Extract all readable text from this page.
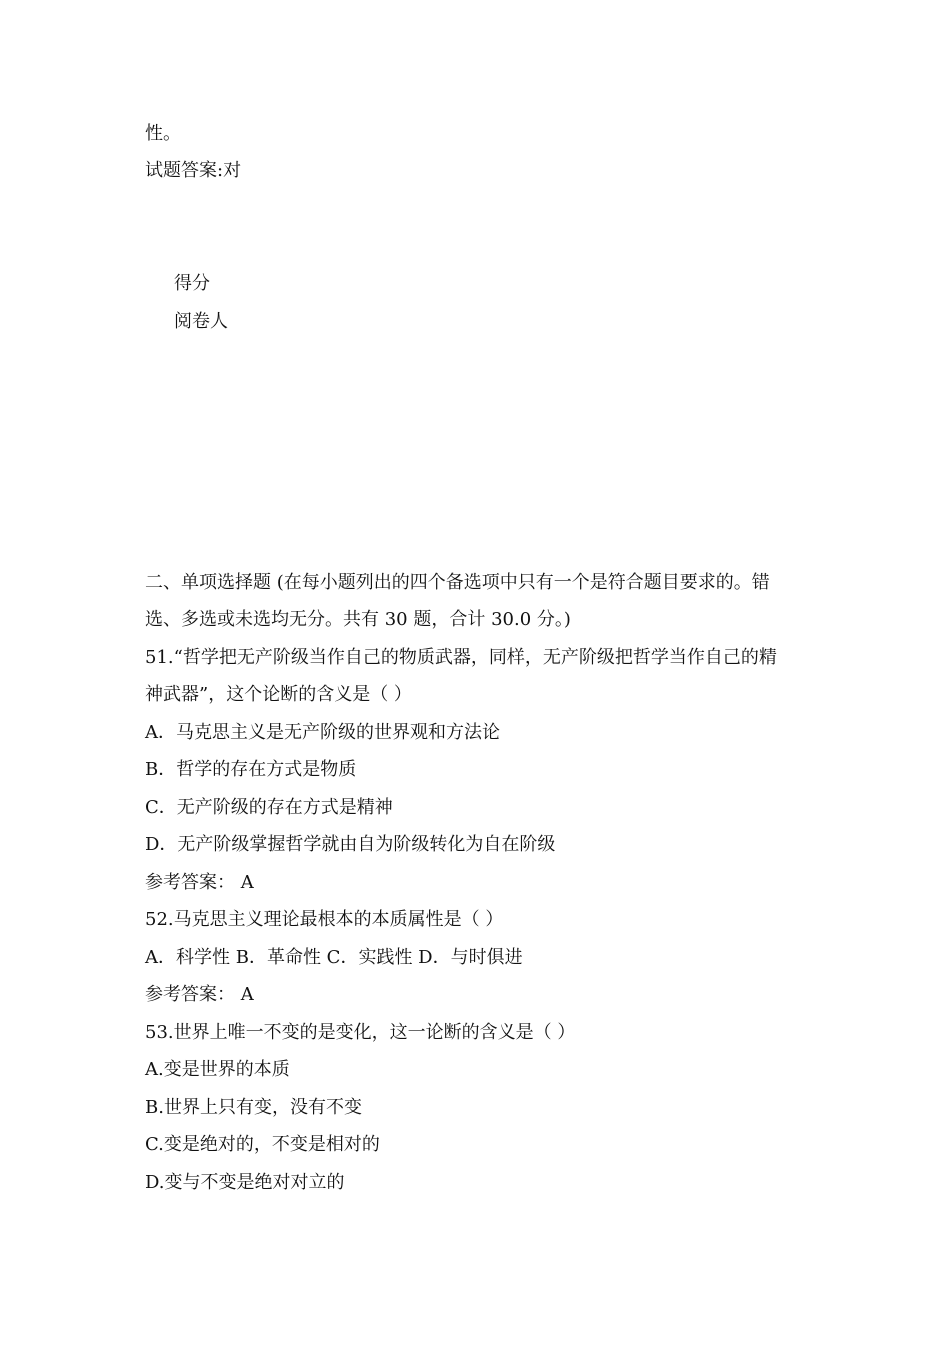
性。
试题答案:对
得分
阅卷人
二、单项选择题 (在每小题列出的四个备选项中只有一个是符合题目要求的。错
选、多选或未选均无分。共有 30 题，合计 30.0 分。)
51.“哲学把无产阶级当作自己的物质武器，同样，无产阶级把哲学当作自己的精
神武器”，这个论断的含义是（ ）
A．马克思主义是无产阶级的世界观和方法论
B．哲学的存在方式是物质
C．无产阶级的存在方式是精神
D．无产阶级掌握哲学就由自为阶级转化为自在阶级
参考答案： A
52.马克思主义理论最根本的本质属性是（ ）
A．科学性 B．革命性 C．实践性 D．与时俱进
参考答案： A
53.世界上唯一不变的是变化，这一论断的含义是（ ）
A.变是世界的本质
B.世界上只有变，没有不变
C.变是绝对的，不变是相对的
D.变与不变是绝对对立的
